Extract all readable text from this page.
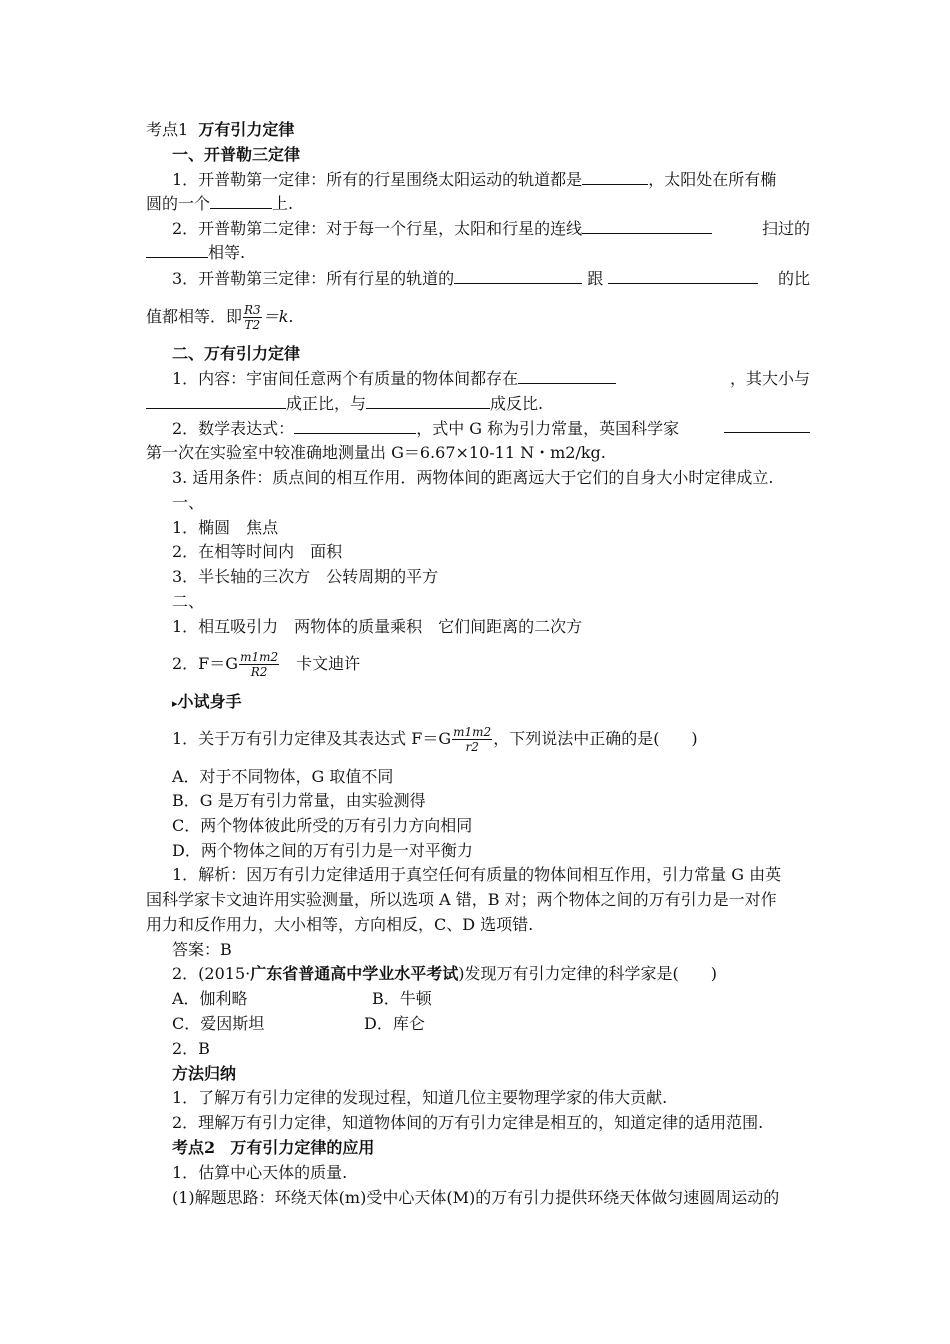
考点1 万有引力定律
一、开普勒三定律
1．开普勒第一定律：所有的行星围绕太阳运动的轨道都是	，太阳处在所有椭
圆的一个	上.
2．开普勒第二定律：对于每一个行星，太阳和行星的连线	扫过的
相等.
3．开普勒第三定律：所有行星的轨道的	跟	的比
值都相等．即 $\frac{R3}{T2} =k$.
二、万有引力定律
1．内容：宇宙间任意两个有质量的物体间都存在	，其大小与
成正比，与	成反比.
2．数学表达式：	，式中 G 称为引力常量，英国科学家
第一次在实验室中较准确地测量出 G＝6.67×10-11 N・m2/kg.
3. 适用条件：质点间的相互作用．两物体间的距离远大于它们的自身大小时定律成立.
一、
1．椭圆　焦点
2．在相等时间内　面积
3．半长轴的三次方　公转周期的平方
二、
1．相互吸引力　两物体的质量乘积　它们间距离的二次方
2．$F=G \frac{m1m2}{R2}$ 　卡文迪许
▸小试身手
1．关于万有引力定律及其表达式 $F=G \frac{m1m2}{r2}$ ，下列说法中正确的是(　　)
A．对于不同物体，G 取值不同
B．G 是万有引力常量，由实验测得
C．两个物体彼此所受的万有引力方向相同
D．两个物体之间的万有引力是一对平衡力
1．解析：因万有引力定律适用于真空任何有质量的物体间相互作用，引力常量 G 由英
国科学家卡文迪许用实验测量，所以选项 A 错，B 对；两个物体之间的万有引力是一对作
用力和反作用力，大小相等，方向相反，C、D 选项错.
答案：B
2．(2015·广东省普通高中学业水平考试)发现万有引力定律的科学家是(　　)
A．伽利略	B．牛顿
C．爱因斯坦	D．库仑
2．B
方法归纳
1．了解万有引力定律的发现过程，知道几位主要物理学家的伟大贡献.
2．理解万有引力定律，知道物体间的万有引力定律是相互的，知道定律的适用范围.
考点2 万有引力定律的应用
1．估算中心天体的质量.
(1)解题思路：环绕天体(m)受中心天体(M)的万有引力提供环绕天体做匀速圆周运动的
